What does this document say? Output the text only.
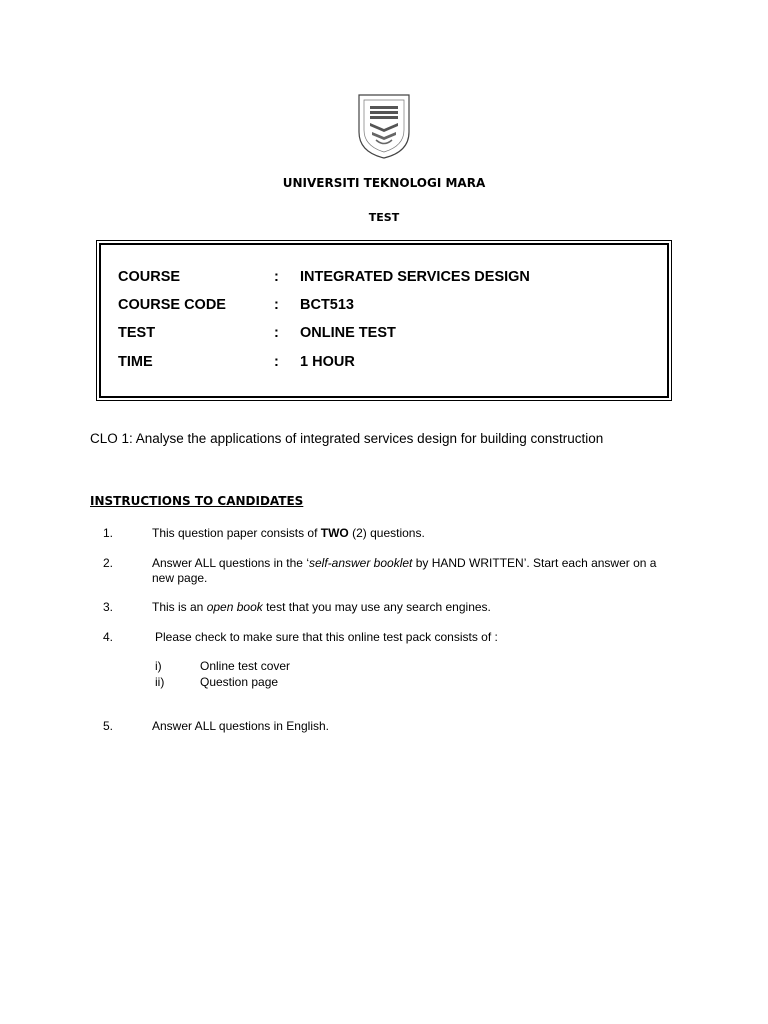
UNIVERSITI TEKNOLOGI MARA
TEST
COURSE	: INTEGRATED SERVICES DESIGN
COURSE CODE	: BCT513
TEST	: ONLINE TEST
TIME	: 1 HOUR
CLO 1: Analyse the applications of integrated services design for building construction
INSTRUCTIONS TO CANDIDATES
1.	This question paper consists of TWO (2) questions.
2.	Answer ALL questions in the ‘self-answer booklet by HAND WRITTEN’. Start each answer on a new page.
3.	This is an open book test that you may use any search engines.
4.	Please check to make sure that this online test pack consists of :
i)	Online test cover
ii)	Question page
5.	Answer ALL questions in English.
